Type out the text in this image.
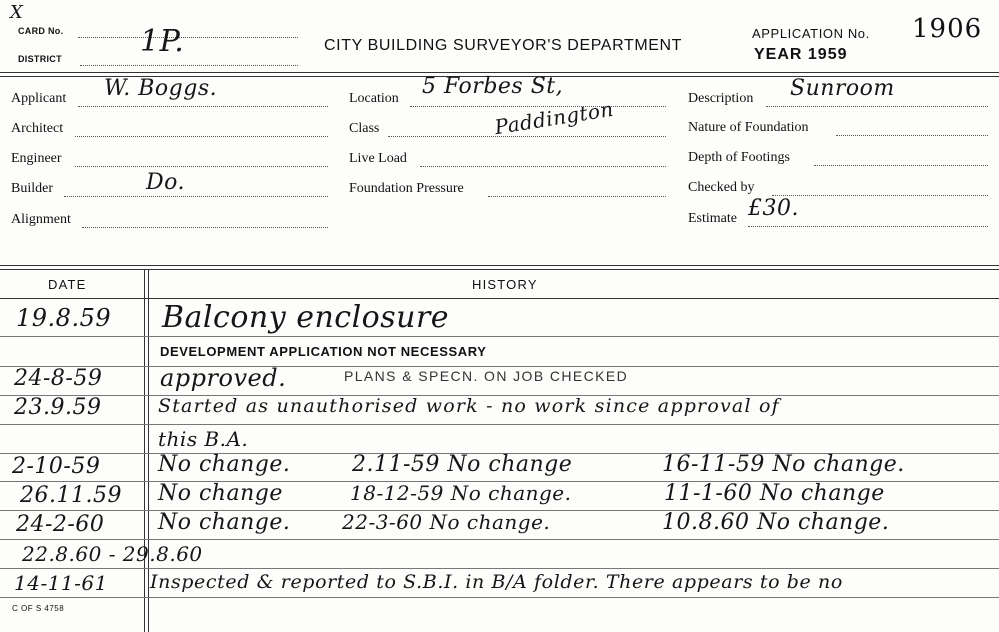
X
CARD No.
DISTRICT	1P.	CITY BUILDING SURVEYOR'S DEPARTMENT
APPLICATION No. 1906
YEAR 1959
Applicant W. Boggs.
Architect
Engineer
Builder	Do.
Alignment
Location 5 Forbes St,
Class	Paddington
Live Load
Foundation Pressure
Description Sunroom
Nature of Foundation
Depth of Footings
Checked by
Estimate £30.
DATE	HISTORY
19.8.59 Balcony enclosure
DEVELOPMENT APPLICATION NOT NECESSARY
24-8-59 approved.	PLANS & SPECN. ON JOB CHECKED
23.9.59	Started as unauthorised work - no work since approval of
this B.A.
2-10-59	No change.	2.11-59 No change	16-11-59 No change.
26.11.59 No change	18-12-59 No change.	11-1-60 No change
24-2-60 No change.	22-3-60 No change.	10.8.60 No change.
22.8.60 - 29.8.60
14-11-61 Inspected & reported to S.B.I. in B/A folder. There appears to be no
C OF S 4758
